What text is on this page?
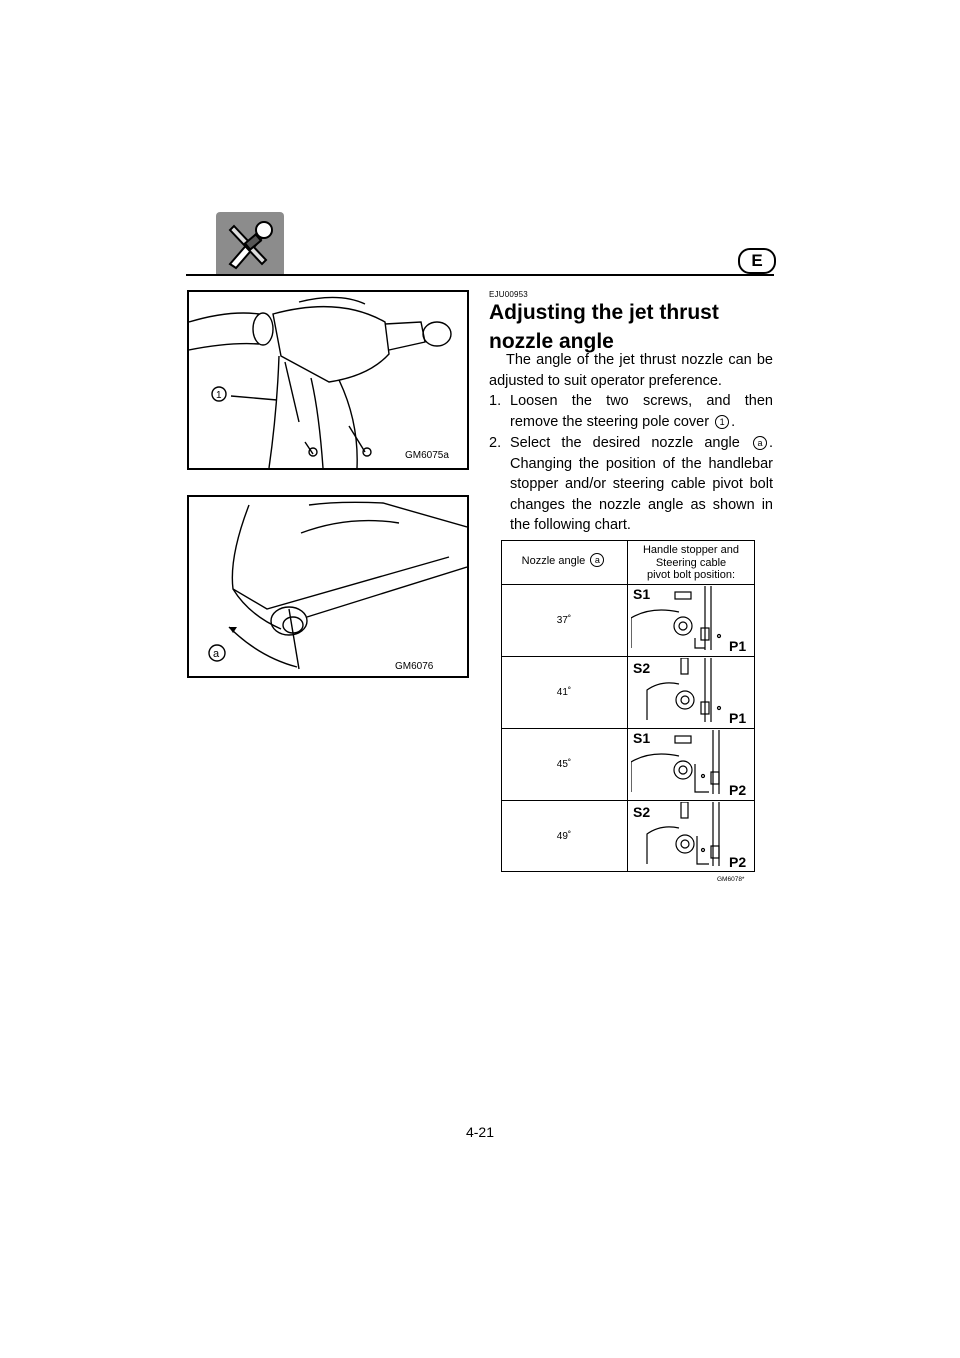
E
1
GM6075a
a
GM6076
EJU00953
Adjusting the jet thrust nozzle angle

The angle of the jet thrust nozzle can be adjusted to suit operator preference.

1. Loosen the two screws, and then remove the steering pole cover 1 .
2. Select the desired nozzle angle a . Changing the position of the handlebar stopper and/or steering cable pivot bolt changes the nozzle angle as shown in the following chart.
Nozzle angle a
Handle stopper and
Steering cable
pivot bolt position:
37˚
41˚
45˚
49˚
S1
P1
S2
P1
S1
P2
S2
P2
GM6078*
4-21
